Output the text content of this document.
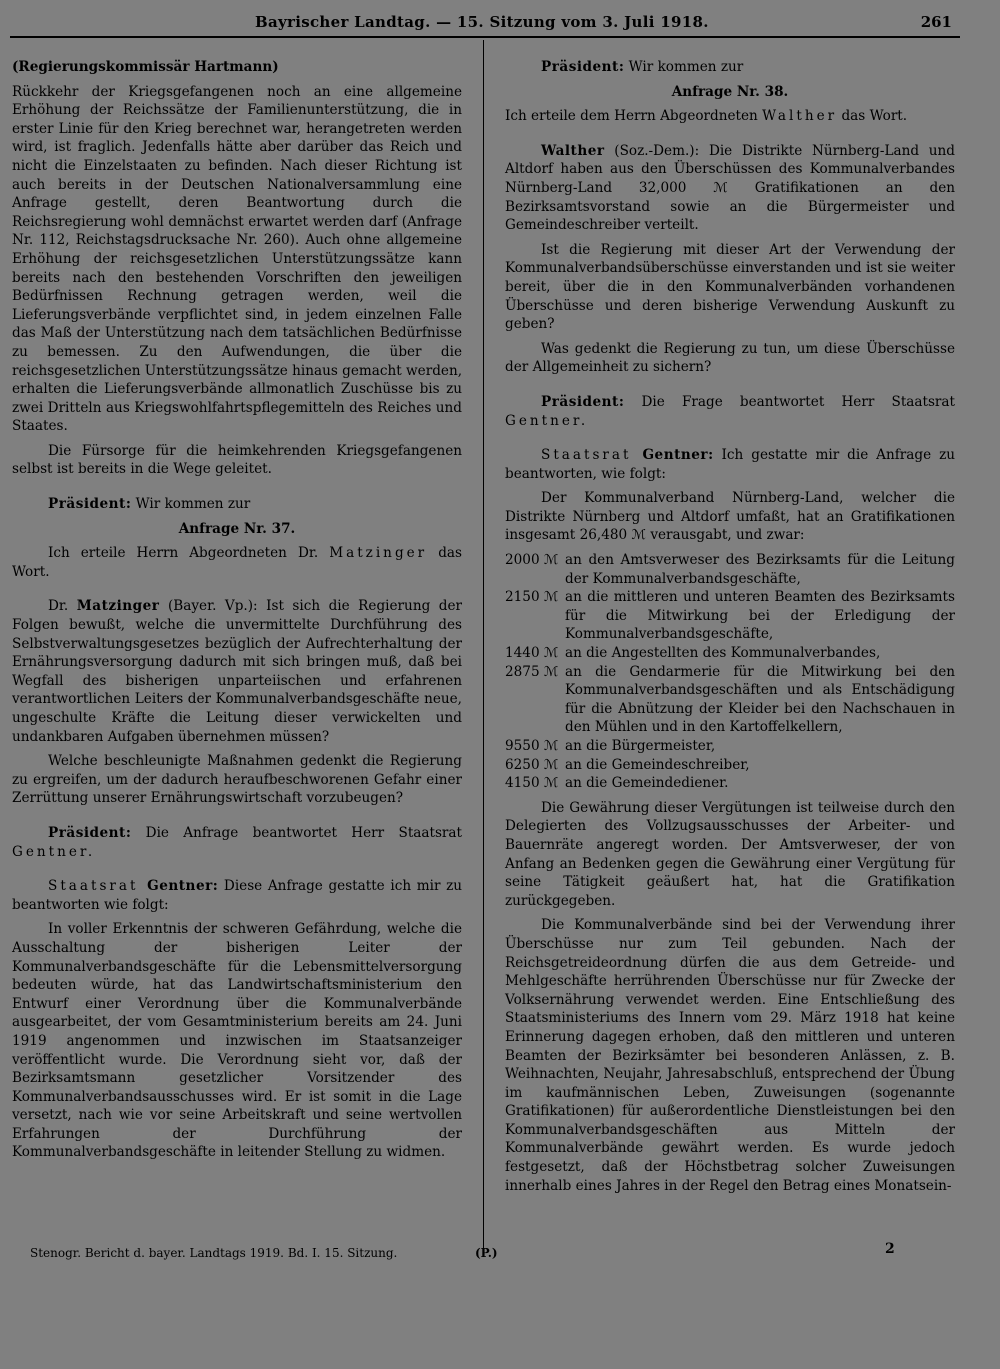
Bayrischer Landtag. — 15. Sitzung vom 3. Juli 1918.	261

(Regierungskommissär Hartmann)

Rückkehr der Kriegsgefangenen noch an eine allgemeine Erhöhung der Reichssätze der Familienunterstützung, die in erster Linie für den Krieg berechnet war, herangetreten werden wird, ist fraglich. Jedenfalls hätte aber darüber das Reich und nicht die Einzelstaaten zu befinden. Nach dieser Richtung ist auch bereits in der Deutschen Nationalversammlung eine Anfrage gestellt, deren Beantwortung durch die Reichsregierung wohl demnächst erwartet werden darf (Anfrage Nr. 112, Reichstagsdrucksache Nr. 260). Auch ohne allgemeine Erhöhung der reichsgesetzlichen Unterstützungssätze kann bereits nach den bestehenden Vorschriften den jeweiligen Bedürfnissen Rechnung getragen werden, weil die Lieferungsverbände verpflichtet sind, in jedem einzelnen Falle das Maß der Unterstützung nach dem tatsächlichen Bedürfnisse zu bemessen. Zu den Aufwendungen, die über die reichsgesetzlichen Unterstützungssätze hinaus gemacht werden, erhalten die Lieferungsverbände allmonatlich Zuschüsse bis zu zwei Dritteln aus Kriegswohlfahrtspflegemitteln des Reiches und Staates.

Die Fürsorge für die heimkehrenden Kriegsgefangenen selbst ist bereits in die Wege geleitet.

Präsident: Wir kommen zur

Anfrage Nr. 37.

Ich erteile Herrn Abgeordneten Dr. Matzinger das Wort.

Dr. Matzinger (Bayer. Vp.): Ist sich die Regierung der Folgen bewußt, welche die unvermittelte Durchführung des Selbstverwaltungsgesetzes bezüglich der Aufrechterhaltung der Ernährungsversorgung dadurch mit sich bringen muß, daß bei Wegfall des bisherigen unparteiischen und erfahrenen verantwortlichen Leiters der Kommunalverbandsgeschäfte neue, ungeschulte Kräfte die Leitung dieser verwickelten und undankbaren Aufgaben übernehmen müssen?

Welche beschleunigte Maßnahmen gedenkt die Regierung zu ergreifen, um der dadurch heraufbeschworenen Gefahr einer Zerrüttung unserer Ernährungswirtschaft vorzubeugen?

Präsident: Die Anfrage beantwortet Herr Staatsrat Gentner.

Staatsrat Gentner: Diese Anfrage gestatte ich mir zu beantworten wie folgt:

In voller Erkenntnis der schweren Gefährdung, welche die Ausschaltung der bisherigen Leiter der Kommunalverbandsgeschäfte für die Lebensmittelversorgung bedeuten würde, hat das Landwirtschaftsministerium den Entwurf einer Verordnung über die Kommunalverbände ausgearbeitet, der vom Gesamtministerium bereits am 24. Juni 1919 angenommen und inzwischen im Staatsanzeiger veröffentlicht wurde. Die Verordnung sieht vor, daß der Bezirksamtsmann gesetzlicher Vorsitzender des Kommunalverbandsausschusses wird. Er ist somit in die Lage versetzt, nach wie vor seine Arbeitskraft und seine wertvollen Erfahrungen der Durchführung der Kommunalverbandsgeschäfte in leitender Stellung zu widmen.

Präsident: Wir kommen zur

Anfrage Nr. 38.

Ich erteile dem Herrn Abgeordneten Walther das Wort.

Walther (Soz.-Dem.): Die Distrikte Nürnberg-Land und Altdorf haben aus den Überschüssen des Kommunalverbandes Nürnberg-Land 32,000 ℳ Gratifikationen an den Bezirksamtsvorstand sowie an die Bürgermeister und Gemeindeschreiber verteilt.

Ist die Regierung mit dieser Art der Verwendung der Kommunalverbandsüberschüsse einverstanden und ist sie weiter bereit, über die in den Kommunalverbänden vorhandenen Überschüsse und deren bisherige Verwendung Auskunft zu geben?

Was gedenkt die Regierung zu tun, um diese Überschüsse der Allgemeinheit zu sichern?

Präsident: Die Frage beantwortet Herr Staatsrat Gentner.

Staatsrat Gentner: Ich gestatte mir die Anfrage zu beantworten, wie folgt:

Der Kommunalverband Nürnberg-Land, welcher die Distrikte Nürnberg und Altdorf umfaßt, hat an Gratifikationen insgesamt 26,480 ℳ verausgabt, und zwar:

2000 ℳ an den Amtsverweser des Bezirksamts für die Leitung der Kommunalverbandsgeschäfte,
2150 ℳ an die mittleren und unteren Beamten des Bezirksamts für die Mitwirkung bei der Erledigung der Kommunalverbandsgeschäfte,
1440 ℳ an die Angestellten des Kommunalverbandes,
2875 ℳ an die Gendarmerie für die Mitwirkung bei den Kommunalverbandsgeschäften und als Entschädigung für die Abnützung der Kleider bei den Nachschauen in den Mühlen und in den Kartoffelkellern,
9550 ℳ an die Bürgermeister,
6250 ℳ an die Gemeindeschreiber,
4150 ℳ an die Gemeindediener.

Die Gewährung dieser Vergütungen ist teilweise durch den Delegierten des Vollzugsausschusses der Arbeiter- und Bauernräte angeregt worden. Der Amtsverweser, der von Anfang an Bedenken gegen die Gewährung einer Vergütung für seine Tätigkeit geäußert hat, hat die Gratifikation zurückgegeben.

Die Kommunalverbände sind bei der Verwendung ihrer Überschüsse nur zum Teil gebunden. Nach der Reichsgetreideordnung dürfen die aus dem Getreide- und Mehlgeschäfte herrührenden Überschüsse nur für Zwecke der Volksernährung verwendet werden. Eine Entschließung des Staatsministeriums des Innern vom 29. März 1918 hat keine Erinnerung dagegen erhoben, daß den mittleren und unteren Beamten der Bezirksämter bei besonderen Anlässen, z. B. Weihnachten, Neujahr, Jahresabschluß, entsprechend der Übung im kaufmännischen Leben, Zuweisungen (sogenannte Gratifikationen) für außerordentliche Dienstleistungen bei den Kommunalverbandsgeschäften aus Mitteln der Kommunalverbände gewährt werden. Es wurde jedoch festgesetzt, daß der Höchstbetrag solcher Zuweisungen innerhalb eines Jahres in der Regel den Betrag eines Monatsein-

Stenogr. Bericht d. bayer. Landtags 1919. Bd. I. 15. Sitzung.	(P.)	2
